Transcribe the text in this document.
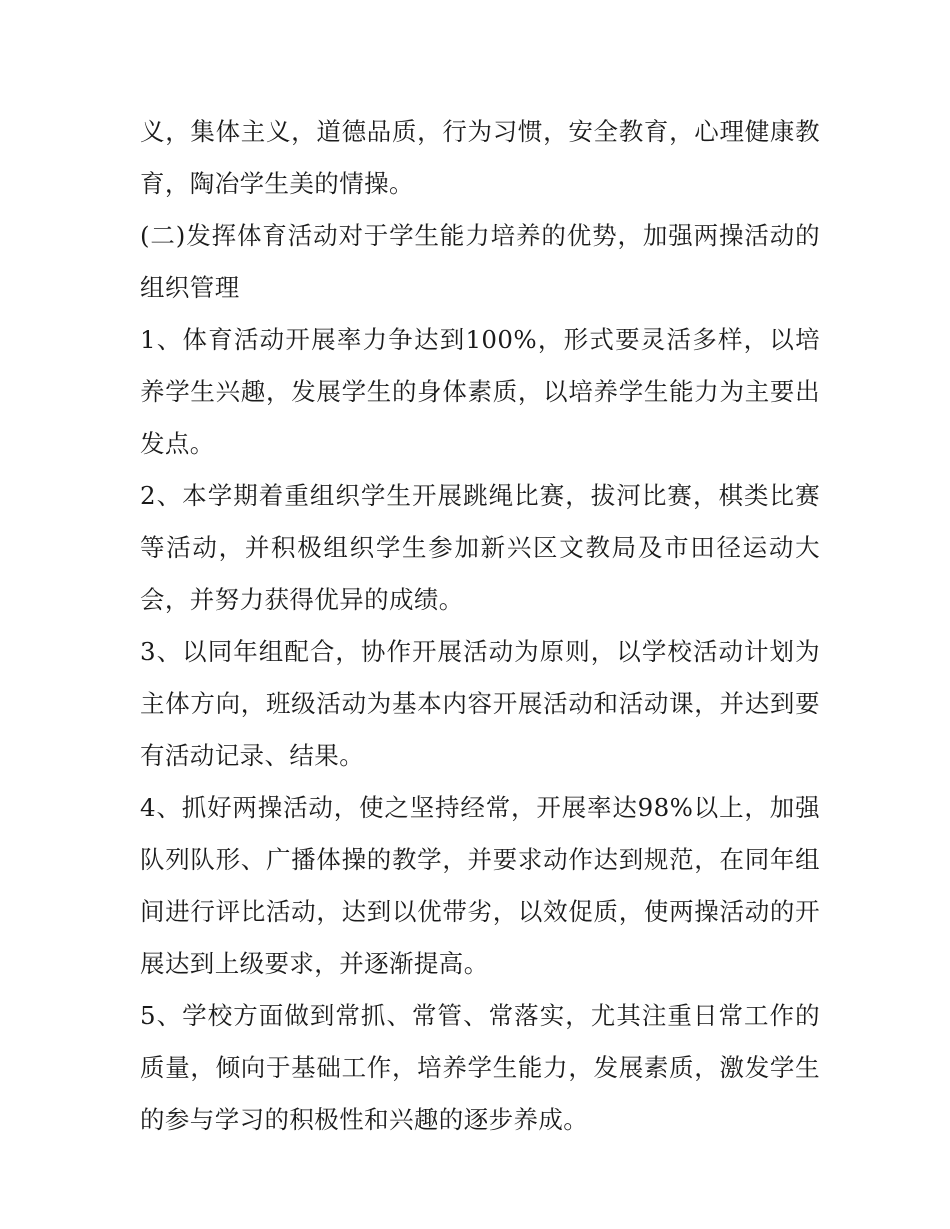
义，集体主义，道德品质，行为习惯，安全教育，心理健康教育，陶冶学生美的情操。

(二)发挥体育活动对于学生能力培养的优势，加强两操活动的组织管理

1、体育活动开展率力争达到100%，形式要灵活多样，以培养学生兴趣，发展学生的身体素质，以培养学生能力为主要出发点。

2、本学期着重组织学生开展跳绳比赛，拔河比赛，棋类比赛等活动，并积极组织学生参加新兴区文教局及市田径运动大会，并努力获得优异的成绩。

3、以同年组配合，协作开展活动为原则，以学校活动计划为主体方向，班级活动为基本内容开展活动和活动课，并达到要有活动记录、结果。

4、抓好两操活动，使之坚持经常，开展率达98%以上，加强队列队形、广播体操的教学，并要求动作达到规范，在同年组间进行评比活动，达到以优带劣，以效促质，使两操活动的开展达到上级要求，并逐渐提高。

5、学校方面做到常抓、常管、常落实，尤其注重日常工作的质量，倾向于基础工作，培养学生能力，发展素质，激发学生的参与学习的积极性和兴趣的逐步养成。
